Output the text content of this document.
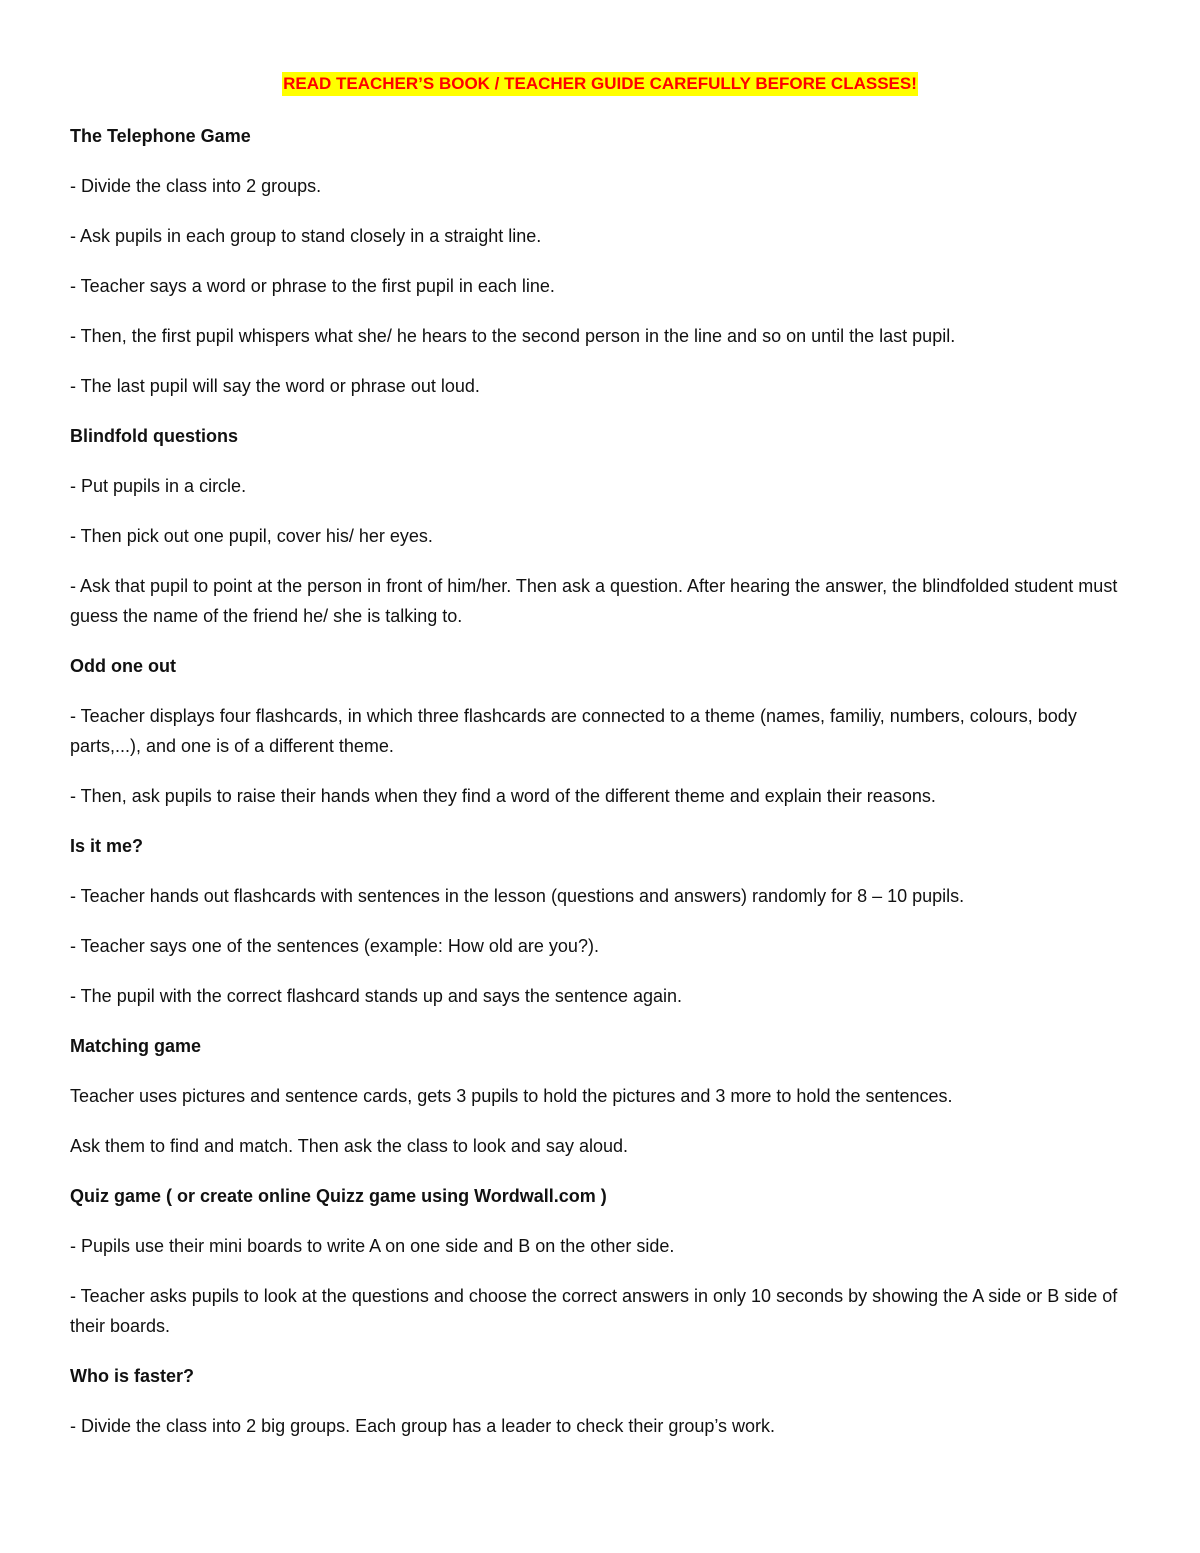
READ TEACHER’S BOOK / TEACHER GUIDE CAREFULLY BEFORE CLASSES!

The Telephone Game

- Divide the class into 2 groups.

- Ask pupils in each group to stand closely in a straight line.

- Teacher says a word or phrase to the first pupil in each line.

- Then, the first pupil whispers what she/ he hears to the second person in the line and so on until the last pupil.

- The last pupil will say the word or phrase out loud.

Blindfold questions

- Put pupils in a circle.

- Then pick out one pupil, cover his/ her eyes.

- Ask that pupil to point at the person in front of him/her. Then ask a question. After hearing the answer, the blindfolded student must guess the name of the friend he/ she is talking to.

Odd one out

- Teacher displays four flashcards, in which three flashcards are connected to a theme (names, familiy, numbers, colours, body parts,...), and one is of a different theme.

- Then, ask pupils to raise their hands when they find a word of the different theme and explain their reasons.

Is it me?

- Teacher hands out flashcards with sentences in the lesson (questions and answers) randomly for 8 – 10 pupils.

- Teacher says one of the sentences (example: How old are you?).

- The pupil with the correct flashcard stands up and says the sentence again.

Matching game

Teacher uses pictures and sentence cards, gets 3 pupils to hold the pictures and 3 more to hold the sentences.

Ask them to find and match. Then ask the class to look and say aloud.

Quiz game ( or create online Quizz game using Wordwall.com )

- Pupils use their mini boards to write A on one side and B on the other side.

- Teacher asks pupils to look at the questions and choose the correct answers in only 10 seconds by showing the A side or B side of their boards.

Who is faster?

- Divide the class into 2 big groups. Each group has a leader to check their group’s work.
